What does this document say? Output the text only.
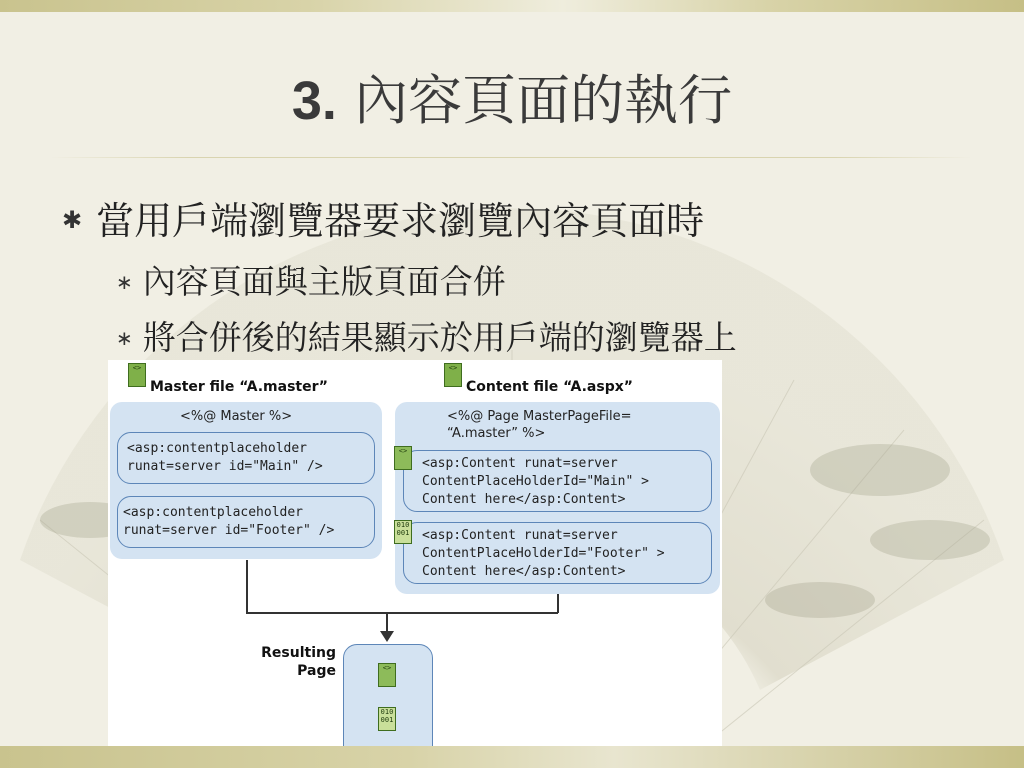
3. 內容頁面的執行
✱ 當用戶端瀏覽器要求瀏覽內容頁面時
∗ 內容頁面與主版頁面合併
∗ 將合併後的結果顯示於用戶端的瀏覽器上
<>
Master file “A.master”
<%@ Master %>
<asp:contentplaceholder
runat=server id="Main" />
<asp:contentplaceholder
runat=server id="Footer" />
<>
Content file “A.aspx”
<%@ Page MasterPageFile=
“A.master” %>
<asp:Content runat=server
ContentPlaceHolderId="Main" >
Content here</asp:Content>
<asp:Content runat=server
ContentPlaceHolderId="Footer" >
Content here</asp:Content>
<>
010 001
Resulting
Page	<>
010 001
